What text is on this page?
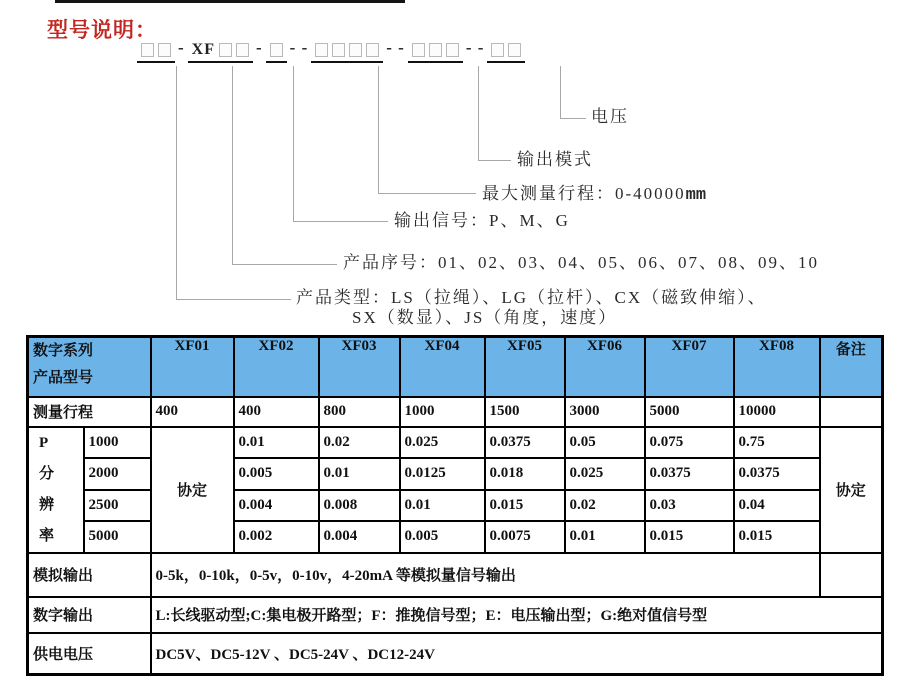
型号说明：
- XF - - -	- -	- -
电压
输出模式
最大测量行程：0-40000mm
输出信号：P、M、G
产品序号：01、02、03、04、05、06、07、08、09、10
产品类型：LS（拉绳）、LG（拉杆）、CX（磁致伸缩）、
SX（数显）、JS（角度，速度）
数字系列
产品型号		XF01	XF02	XF03	XF04	XF05	XF06	XF07	XF08	备注
测量行程		400	400	800	1000	1500	3000	5000	10000	

P
分
辨
率	1000	协定	0.01	0.02	0.025	0.0375	0.05	0.075	0.75	协定
	2000		0.005	0.01	0.0125	0.018	0.025	0.0375	0.0375	
	2500		0.004	0.008	0.01	0.015	0.02	0.03	0.04	
	5000		0.002	0.004	0.005	0.0075	0.01	0.015	0.015	
模拟输出		0-5k，0-10k，0-5v，0-10v，4-20mA 等模拟量信号输出								
数字输出		L:长线驱动型;C:集电极开路型；F：推挽信号型；E：电压输出型；G:绝对值信号型								
供电电压		DC5V、DC5-12V 、DC5-24V 、DC12-24V								
